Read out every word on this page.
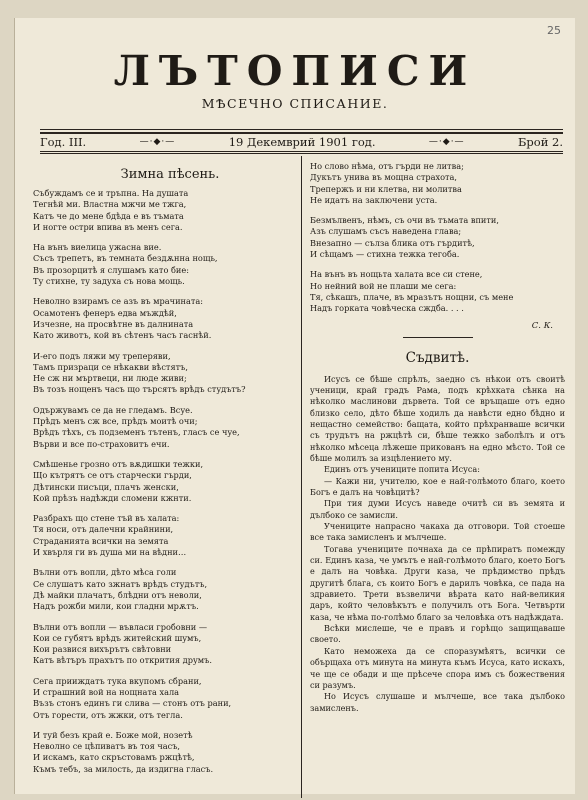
25
ЛЪТОПИСИ
МѢСЕЧНО СПИСАНИЕ.
Год. III.	—·◆·—	19 Декемврий 1901 год.	—·◆·—	Брой 2.
Зимна пѣсень.
Събуждамъ се и тръпна. На душата
Тегнѣй ми. Властна мжчи ме тжга,
Катъ че до мене бдѣда е въ тъмата
И ногте остри впива въ менъ сега.
На вънъ виелица ужасна вие.
Съсъ трепетъ, въ темната бездѫнна нощь,
Въ прозорцитѣ я слушамъ като бие:
Ту стихне, ту задуха съ нова мощь.
Неволно взирамъ се азъ въ мрачината:
Осамотенъ фенеръ едва мъждѣй,
Изчезне, на просвѣтне въ далнината
Като животъ, кой въ сѣтенъ часъ гаснѣй.
И-его подъ ляжи му треперяви,
Тамъ призраци се нѣкакви вѣстятъ,
Не сж ни мъртвеци, ни люде живи;
Въ тозъ нощенъ часъ що търсятъ врѣдъ студътъ?
Одържувамъ се да не гледамъ. Всуе.
Прѣдъ менъ сж все, прѣдъ моитѣ очи;
Врѣдъ тѣхъ, съ подземенъ тътенъ, гласъ се чуе,
Върви и все по-страховитъ ечи.
Смѣшенье грозно отъ вѫдишки тежки,
Що кътрятъ се отъ старчески гърди,
Дѣтински писъци, плачъ женски,
Кой прѣзъ надѣжди сломени кжнти.
Разбрахъ що стене тъй въ халата:
Тя носи, отъ далечни крайнини,
Страданията всички на земята
И хвърля ги въ душа ми на вѣдни…
Вълни отъ вопли, дѣто мѣса голи
Се слушатъ като зжнатъ врѣдъ студътъ,
Дѣ майки плачатъ, блѣдни отъ неволи,
Надъ рожби мили, кои гладни мрѫтъ.
Вълни отъ вопли — въвласи гробовни —
Кои се губятъ врѣдъ житейский шумъ,
Кои развися вихърътъ свѣтовни
Катъ вѣтъръ прахътъ по открития друмъ.
Сега прииждатъ тука вкупомъ сбрани,
И страшний вой на нощната хала
Възъ стонъ единъ ги слива — стонъ отъ рани,
Отъ горести, отъ жжки, отъ тегла.
И туй безъ край е. Боже мой, нозетѣ
Неволно се цѣпиватъ въ тоя часъ,
И искамъ, като скръстовамъ ржцѣтѣ,
Къмъ тебъ, за милость, да издигна гласъ.
Но слово нѣма, отъ гърди не литва;
Дукътъ унива въ мощна страхота,
Трепержъ и ни клетва, ни молитва
Не идатъ на заключени уста.
Безмълвенъ, нѣмъ, съ очи въ тъмата впити,
Азъ слушамъ съсъ наведена глава;
Внезапно — сълза блика отъ гърдитѣ,
И сѣщамъ — стихна тежка тегоба.
На вънъ въ нощьта халата все си стене,
Но нейний вой не плаши ме сега:
Тя, сѣкашъ, плаче, въ мразътъ нощни, съ мене
Надъ горката човѣческа сждба. . . .
С. К.
Съдвитѣ.

Исусъ се бѣше спрѣлъ, заедно съ нѣкои отъ своитѣ ученици, край градъ Рама, подъ крѣхката сѣнка на нѣколко маслинови дървета. Той се връщаше отъ едно близко село, дѣто бѣше ходилъ да навѣсти едно бѣдно и нещастно семейство: бащата, който прѣхранваше всички съ трудътъ на ржцѣтѣ си, бѣше тежко заболѣлъ и отъ нѣколко мѣсеца лѣжеше прикованъ на едно мѣсто. Той се бѣше молилъ за изцѣлението му.

Единъ отъ учениците попита Исуса:

— Кажи ни, учителю, кое е най-голѣмото благо, което Богъ е далъ на човѣцитѣ?

При тия думи Исусъ наведе очитѣ си въ земята и дълбоко се замисли.

Учениците напрасно чакаха да отговори. Той стоеше все така замисленъ и мълчеше.

Тогава учениците почнаха да се прѣпиратъ помеждy си. Единъ каза, че умътъ е най-голѣмото благо, което Богъ е далъ на човѣка. Други каза, че прѣдимство прѣдъ другитѣ блага, съ които Богъ е дарилъ човѣка, се пада на здравието. Трети възвеличи вѣрата като най-великия даръ, който человѣкътъ е получилъ отъ Бога. Четвърти каза, че нѣма по-голѣмо благо за человѣка отъ надѣждата.

Всѣки мислеше, че е правъ и горѣщо защищаваше своето.

Като неможеха да се споразумѣятъ, всички се обърщаха отъ минута на минута къмъ Исуса, като искахъ, че ще се обади и ще прѣсече спора имъ съ божествения си разумъ.

Но Исусъ слушаше и мълчеше, все така дълбоко замисленъ.
